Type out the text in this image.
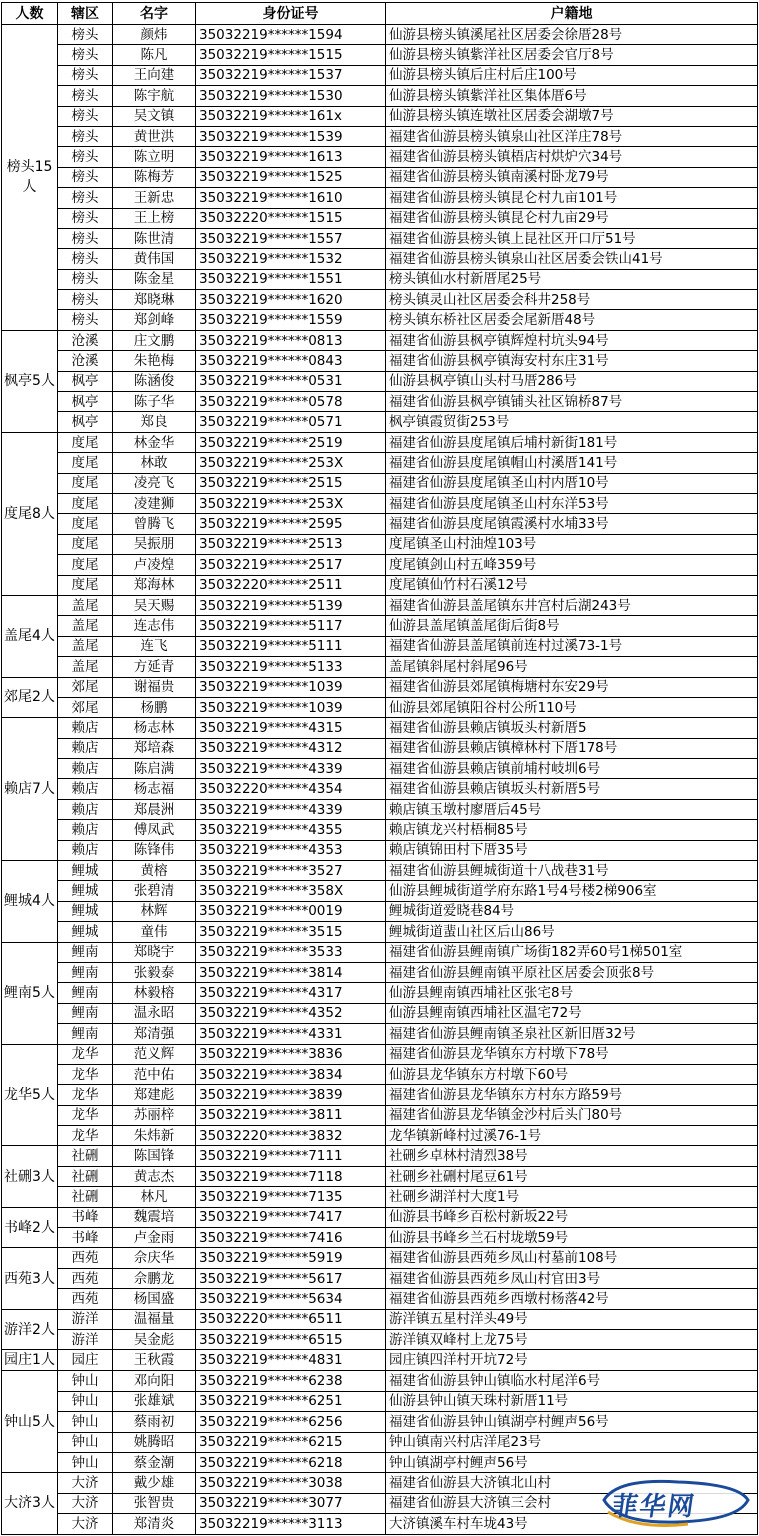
人数	辖区	名字	身份证号	户籍地
榜头15人	榜头	颜炜	35032219******1594	仙游县榜头镇溪尾社区居委会徐厝28号
	榜头	陈凡	35032219******1515	仙游县榜头镇紫洋社区居委会官厅8号
	榜头	王向建	35032219******1537	仙游县榜头镇后庄村后庄100号
	榜头	陈宇航	35032219******1530	仙游县榜头镇紫洋社区集体厝6号
	榜头	吴文镇	35032219******161x	仙游县榜头镇连墩社区居委会湖墩7号
	榜头	黄世洪	35032219******1539	福建省仙游县榜头镇泉山社区洋庄78号
	榜头	陈立明	35032219******1613	福建省仙游县榜头镇梧店村烘炉穴34号
	榜头	陈梅芳	35032219******1525	福建省仙游县榜头镇南溪村卧龙79号
	榜头	王新忠	35032219******1610	福建省仙游县榜头镇昆仑村九亩101号
	榜头	王上榜	35032220******1515	福建省仙游县榜头镇昆仑村九亩29号
	榜头	陈世清	35032219******1557	福建省仙游县榜头镇上昆社区开口厅51号
	榜头	黄伟国	35032219******1532	福建省仙游县榜头镇泉山社区居委会铁山41号
	榜头	陈金星	35032219******1551	榜头镇仙水村新厝尾25号
	榜头	郑晓琳	35032219******1620	榜头镇灵山社区居委会科井258号
	榜头	郑剑峰	35032219******1559	榜头镇东桥社区居委会尾新厝48号
枫亭5人	沧溪	庄文鹏	35032219******0813	福建省仙游县枫亭镇辉煌村坑头94号
	沧溪	朱艳梅	35032219******0843	福建省仙游县枫亭镇海安村东庄31号
	枫亭	陈涵俊	35032219******0531	仙游县枫亭镇山头村马厝286号
	枫亭	陈子华	35032219******0578	福建省仙游县枫亭镇铺头社区锦桥87号
	枫亭	郑良	35032219******0571	枫亭镇霞贸街253号
度尾8人	度尾	林金华	35032219******2519	福建省仙游县度尾镇后埔村新街181号
	度尾	林敢	35032219******253X	福建省仙游县度尾镇帽山村溪厝141号
	度尾	凌亮飞	35032219******2515	福建省仙游县度尾镇圣山村内厝10号
	度尾	凌建狮	35032219******253X	福建省仙游县度尾镇圣山村东洋53号
	度尾	曾腾飞	35032219******2595	福建省仙游县度尾镇霞溪村水埔33号
	度尾	吴振朋	35032219******2513	度尾镇圣山村油煌103号
	度尾	卢凌煌	35032219******2517	度尾镇剑山村五峰359号
	度尾	郑海林	35032220******2511	度尾镇仙竹村石溪12号
盖尾4人	盖尾	吴天赐	35032219******5139	福建省仙游县盖尾镇东井宫村后湖243号
	盖尾	连志伟	35032219******5117	仙游县盖尾镇盖尾街后街8号
	盖尾	连飞	35032219******5111	福建省仙游县盖尾镇前连村过溪73-1号
	盖尾	方延青	35032219******5133	盖尾镇斜尾村斜尾96号
郊尾2人	郊尾	谢福贵	35032219******1039	福建省仙游县郊尾镇梅塘村东安29号
	郊尾	杨鹏	35032219******1039	仙游县郊尾镇阳谷村公所110号
赖店7人	赖店	杨志林	35032219******4315	福建省仙游县赖店镇坂头村新厝5
	赖店	郑培森	35032219******4312	福建省仙游县赖店镇樟林村下厝178号
	赖店	陈启满	35032219******4339	福建省仙游县赖店镇前埔村岐圳6号
	赖店	杨志福	35032220******4354	福建省仙游县赖店镇坂头村新厝5号
	赖店	郑晨洲	35032219******4339	赖店镇玉墩村廖厝后45号
	赖店	傅凤武	35032219******4355	赖店镇龙兴村梧桐85号
	赖店	陈锋伟	35032219******4353	赖店镇锦田村下厝35号
鲤城4人	鲤城	黄榕	35032219******3527	福建省仙游县鲤城街道十八战巷31号
	鲤城	张碧清	35032219******358X	仙游县鲤城街道学府东路1号4号楼2梯906室
	鲤城	林辉	35032219******0019	鲤城街道爱晓巷84号
	鲤城	童伟	35032219******3515	鲤城街道蜚山社区后山86号
鲤南5人	鲤南	郑晓宇	35032219******3533	福建省仙游县鲤南镇广场街182弄60号1梯501室
	鲤南	张毅泰	35032219******3814	福建省仙游县鲤南镇平原社区居委会顶张8号
	鲤南	林毅榕	35032219******4317	仙游县鲤南镇西埔社区张宅8号
	鲤南	温永昭	35032219******4352	仙游县鲤南镇西埔社区温宅72号
	鲤南	郑清强	35032219******4331	福建省仙游县鲤南镇圣泉社区新旧厝32号
龙华5人	龙华	范义辉	35032219******3836	福建省仙游县龙华镇东方村墩下78号
	龙华	范中佑	35032219******3834	仙游县龙华镇东方村墩下60号
	龙华	郑建彪	35032219******3839	福建省仙游县龙华镇东方村东方路59号
	龙华	苏丽梓	35032219******3811	福建省仙游县龙华镇金沙村后头门80号
	龙华	朱炜新	35032220******3832	龙华镇新峰村过溪76-1号
社硎3人	社硎	陈国锋	35032219******7111	社硎乡卓林村清烈38号
	社硎	黄志杰	35032219******7118	社硎乡社硎村尾豆61号
	社硎	林凡	35032219******7135	社硎乡湖洋村大度1号
书峰2人	书峰	魏震培	35032219******7417	仙游县书峰乡百松村新坂22号
	书峰	卢金雨	35032219******7416	仙游县书峰乡兰石村垅墩59号
西苑3人	西苑	佘庆华	35032219******5919	福建省仙游县西苑乡凤山村墓前108号
	西苑	佘鹏龙	35032219******5617	福建省仙游县西苑乡凤山村官田3号
	西苑	杨国盛	35032219******5634	福建省仙游县西苑乡西墩村杨落42号
游洋2人	游洋	温福量	35032220******6511	游洋镇五星村洋头49号
	游洋	吴金彪	35032219******6515	游洋镇双峰村上龙75号
园庄1人	园庄	王秋霞	35032219******4831	园庄镇四洋村开坑72号
钟山5人	钟山	邓向阳	35032219******6238	福建省仙游县钟山镇临水村尾洋6号
	钟山	张雄斌	35032219******6251	仙游县钟山镇天珠村新厝11号
	钟山	蔡雨初	35032219******6256	福建省仙游县钟山镇湖亭村鲤声56号
	钟山	姚腾昭	35032219******6215	钟山镇南兴村店洋尾23号
	钟山	蔡金潮	35032219******6218	钟山镇湖亭村鲤声56号
大济3人	大济	戴少雄	35032219******3038	福建省仙游县大济镇北山村
	大济	张智贵	35032219******3077	福建省仙游县大济镇三会村
	大济	郑清炎	35032219******3113	大济镇溪车村车垅43号
菲华网
